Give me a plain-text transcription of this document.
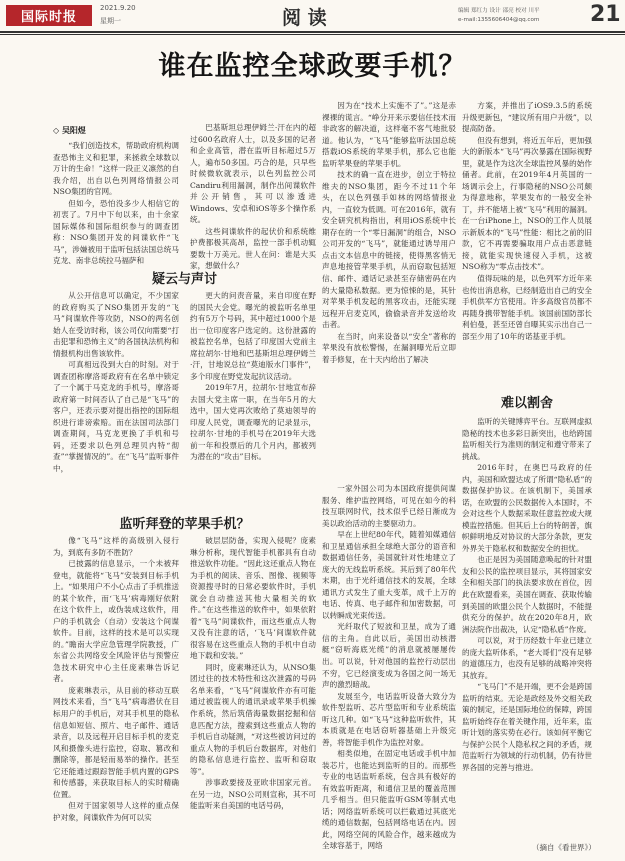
国际时报
2021.9.20
星期一	阅 读	编辑 郑红力 设计 邵亮 校对 川平
e-mail:1355606404@qq.com 21
谁在监控全球政要手机？
◇ 吴阳煜

“我们创造技术，帮助政府机构调查恐怖主义和犯罪，来拯救全球数以万计的生命！”这样一段正义凛然的自我介绍，出自以色列网络情报公司NSO集团的官网。

但如今，恐怕没多少人相信它的初衷了。7月中下旬以来，由十余家国际媒体和国际组织参与的调查团称：NSO集团开发的间谍软件“飞马”，涉嫌被用于监听包括法国总统马克龙、南非总统拉马福萨和

巴基斯坦总理伊姆兰·汗在内的超过600名政府人士，以及多国的记者和企业高管，潜在监听目标超过5万人，遍布50多国。巧合的是，只早些时候微软就表示，以色列监控公司Candiru利用漏洞，制作出间谍软件并公开销售，其可以渗透进Windows、安卓和iOS等多个操作系统。

这些间谍软件的起伏价和系统维护费都极其高昂，监控一部手机动辄要数十万美元。世人在问：谁是大买家，想做什么？

因为在“技术上实施不了”。”这是赤裸裸的谎言。“峥分开来示要信任技术而非政客的解决道，这样毫不客气地批驳道。他认为，“飞马”能够监听法国总统搭载iOS系统的苹果手机，那么它也能监听苹果登的苹果手机。

技术的确一直在进步，创立于特拉维夫的NSO集团，距今不过11个年头，在以色列强手如林的网络情报业内，一直较为低调。可在2016年，就有安全研究机构指出，利用iOS系统中长期存在的一个“零日漏洞”的组合，NSO公司开发的“飞马”，就能通过诱导用户点击文本信息中的链接，使得黑客悄无声息地接管苹果手机，从而窃取包括短信、邮件、通话记录甚至存储密码在内的大量隐私数据。更为惊悚的是，其针对苹果手机发起的黑客攻击，还能实现远程开启麦克风，偷偷录音并发送给攻击者。

在当时，向来设备以“安全”著称的苹果没有放松警惕，在漏洞曝光后立即着手修复，在十天内给出了解决

方案，并推出了iOS9.3.5的系统升级更新包，“建议所有用户升级”，以提高防备。

但没有想到，将近五年后，更加强大的新版本“飞马”再次暴露在国际视野里，就是作为这次全球监控风暴的始作俑者。此前，在2019年4月英国的一场调示会上，行事隐秘的NSO公司颇为得意地称，苹果发布的一般安全补丁，并不能堵上被“飞马”利用的漏洞。在一台iPhone上，NSO的工作人员展示新版本的“飞马”性能：相比之前的旧款，它不再需要骗取用户点击恶意链接，就能实现快速侵入手机，这被NSO称为“零点击技术”。

值得玩味的是，以色列军方近年来也传出消息称，已经制造出自己的安全手机供军方官使用。许多高级官员都不再随身携带智能手机。该国前国防部长利伯曼，甚至还曾自曝其实示出自己一部至少用了10年的诺基亚手机。

疑云与声讨

从公开信息可以确定，不少国家的政府购买了NSO集团开发的“飞马”间谍软件等攻防，NSO的两名创始人在受访时称，该公司仅向需要“打击犯罪和恐怖主义”的各国执法机构和情报机构出售该软件。

可真相远没到大白的时刻。对于调查团称摩洛哥政府有在名单中锁定了一个属于马克龙的手机号，摩洛哥政府第一时间否认了自己是“飞马”的客户，还表示要对提出指控的国际组织进行诽谤索赔。而在法国司法部门调查期间，马克龙更换了手机和号码，还要求以色列总理贝内特“彻查”“掌握情况的”。在“飞马”监听事件中，

更大的问责音量，来自印度在野的国民大会党。曝光的被监听名单里约有5万个号码，其中超过1000个是出一位印度客户选定的。这份泄露的被监控名单，包括了印度国大党前主席拉胡尔·甘地和巴基斯坦总理伊姆兰·汗，甘地说总拉“莫迪版水门事件”，多个印度在野党发起抗议活动。

2019年7月，拉胡尔·甘地宣布辞去国大党主席一职，在当年5月的大选中，国大党再次败给了莫迪领导的印度人民党，调查曝光的记录显示，拉胡尔·甘地的手机号在2019年大选前一年和投票后的几个月内，都被列为潜在的“攻击”目标。

监听拜登的苹果手机？

像“飞马”这样的高级别入侵行为，到底有多防不胜防？

已披露的信息显示，一个未被拜登电，就能将“飞马”安装到目标手机上。“如果用户不小心点击了手机推送的某个软件，而‘飞马’病毒刚好依附在这个软件上，或伪装成这软件，用户的手机就会（自动）安装这个间谍软件。目前，这样的技术是可以实现的。”瞻南大学应急管理学院教授，广东省公共网络安全风险评估与预警应急技术研究中心主任庞素琳告诉记者。

庞素琳表示，从目前的移动互联网技术来看，当“飞马”病毒潜伏在目标用户的手机后，对其手机里的隐私信息如短信、照片、电子邮件、通话录音，以及远程开启目标手机的麦克风和摄像头进行监控，窃取、篡改和删除等，都是轻而易举的操作。甚至它还能通过跟踪智能手机内置的GPS和传感器，来获取目标人的实时精确位置。

但对于国家领导人这样的重点保护对象，间谍软件为何可以实

破层层防备，实现入侵呢？庞素琳分析称，现代智能手机都具有自动推送软件功能。“因此这还重点人物在为手机的阅读、音乐、图像、视频等资源搜寻时的日常必要软件时，手机就会自动推送其他大量相关的软件。”在这些推送的软件中，如果依附着“飞马”间谍软件，而这些重点人物又没有注意的话，‘飞马’间谍软件就很容易在这些重点人物的手机中自动地下载和安装。”

同时，庞素琳还认为，从NSO集团过往的技术特性和这次泄露的号码名单来看，“飞马”间谍软件亦有可能通过被监视人的通讯录或苹果手机操作系统，然后筑借海量数据挖掘和信息匹配方法，搜索到这些重点人物的手机后自动疑测，“对这些被访问过的重点人物的手机后台数据库，对他们的隐私信息进行监控、监听和窃取等”。

涉事政要接及亚欧非国家元首。在另一边，NSO公司则宣称，其不可能监听来自美国的电话号码，

难以割舍

一家外国公司为本国政府提供间谍服务、维护监控网络，可见在如今的科技互联网时代，技术似乎已经日渐成为美以政治活动的主要驱动力。

早在上世纪80年代，随着知媒通信和卫星通信承担全球绝大部分的语音和数据通信任务，美国就针对性地建立了庞大的无线监听系统。其后到了80年代末期，由于光纤通信技术的发展，全球通讯方式发生了重大变革，成千上万的电话、传真、电子邮件和加密数据，可以转瞬成光束传送。

光纤取代了短波和卫星，成为了通信的主角。自此以后，美国出动核潜艇“窃听海底光缆”的消息就被屡屡传出。可以说，针对他国的监控行动层出不穷，它已经演变成为各国之间一场无声的激烈暗战。

发展至今，电话监听设备大致分为软件型监听、芯片型监听和专业系统监听这几种。如“飞马”这种监听软件，其本质就是在电话窃听器基础上升级完善，将智能手机作为监控对象。

相类似地，在固定电话或手机中加装芯片，也能达到监听的目的。而那些专业的电话监听系统，包含具有极好的有效监听距离，和通信卫星的覆盖范围几乎相当。但只能监听GSM等制式电话；网络监听系统可以拦截通过其底光缆的通信数据，包括网络电话在内。因此，网络空间的风险合作，越来越成为全球容基于，网络

监听的关键博弈平台。互联网虚拟隐秘的技术也多彩日新突出，也给跨国监听相关行为准则的制定和遵守带来了挑战。

2016年时，在奥巴马政府的任内，美国和欧盟达成了所谓“隐私盾”的数据保护协议。在该机制下，美国承诺，在欧盟的公民数据传入本国时，不会对这些个人数据采取任意监控或大规模监控措施。但其后上台的特朗普，旗帜鲜明地反对协议的大部分条款，更发外界关于隐私权和数据安全的担忧。

也正是因为美国随意唤起的针对盟友和公民的监控项目显示，其将国家安全和相关部门的执法要求放在首位，因此在欧盟看来，美国在调查、获取传输到美国的欧盟公民个人数据时，不能提供充分的保护。故在2020年8月，欧洲法院作出裁决，认定“隐私盾”作废。

可以说，对于历经数十年业已建立的庞大监听体系，“老大哥们”没有足够的道德压力，也没有足够的战略冲突将其放弃。

“飞马门”不是开端，更不会是跨国监听的结束。无论是政经及外交相关政策的制定，还是国际地位的保障，跨国监听始终存在着关键作用，近年来，监听计划的落实势在必行。该如何平衡它与保护公民个人隐私权之间的矛盾，规范监听行为领域的行动机制，仍有待世界各国的完善与推进。

（摘自《看世界》）
